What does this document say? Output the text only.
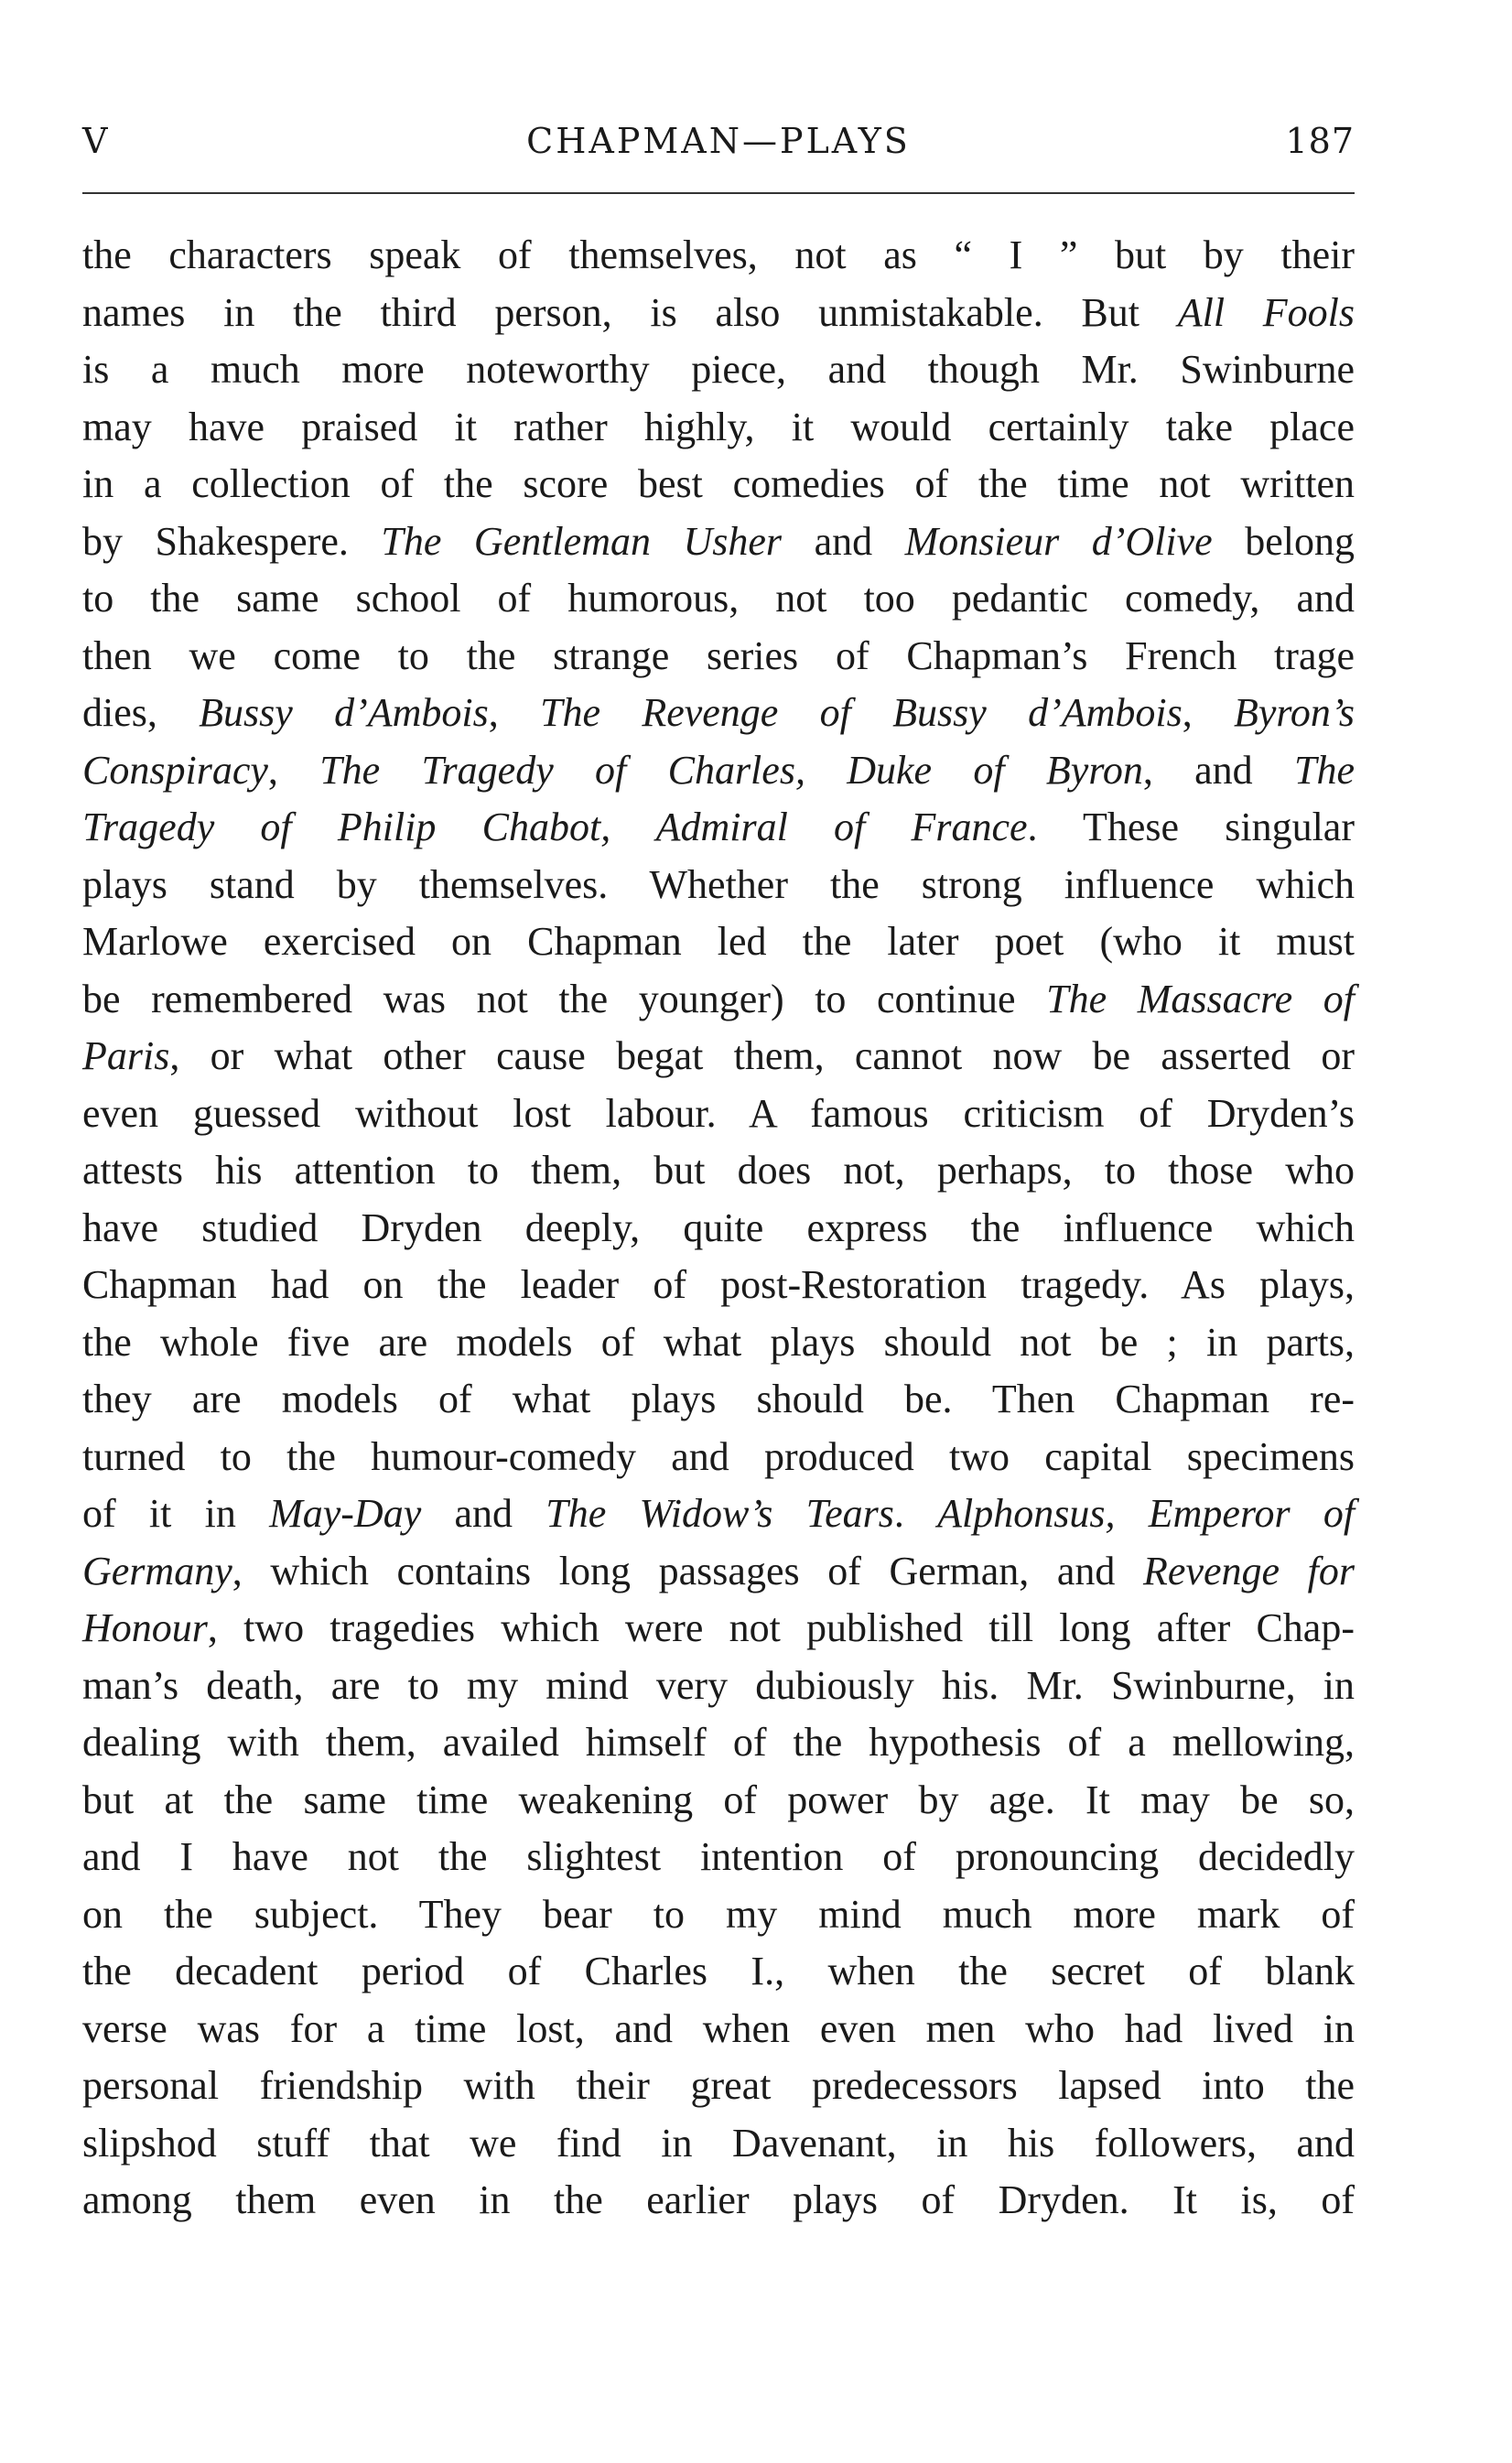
V	CHAPMAN—PLAYS	187
the characters speak of themselves, not as “ I ” but by their
names in the third person, is also unmistakable. But All Fools
is a much more noteworthy piece, and though Mr. Swinburne
may have praised it rather highly, it would certainly take place
in a collection of the score best comedies of the time not written
by Shakespere. The Gentleman Usher and Monsieur d’Olive belong
to the same school of humorous, not too pedantic comedy, and
then we come to the strange series of Chapman’s French trage
dies, Bussy d’Ambois, The Revenge of Bussy d’Ambois, Byron’s
Conspiracy, The Tragedy of Charles, Duke of Byron, and The
Tragedy of Philip Chabot, Admiral of France. These singular
plays stand by themselves. Whether the strong influence which
Marlowe exercised on Chapman led the later poet (who it must
be remembered was not the younger) to continue The Massacre of
Paris, or what other cause begat them, cannot now be asserted or
even guessed without lost labour. A famous criticism of Dryden’s
attests his attention to them, but does not, perhaps, to those who
have studied Dryden deeply, quite express the influence which
Chapman had on the leader of post-Restoration tragedy. As plays,
the whole five are models of what plays should not be ; in parts,
they are models of what plays should be. Then Chapman re-
turned to the humour-comedy and produced two capital specimens
of it in May-Day and The Widow’s Tears. Alphonsus, Emperor of
Germany, which contains long passages of German, and Revenge for
Honour, two tragedies which were not published till long after Chap-
man’s death, are to my mind very dubiously his. Mr. Swinburne, in
dealing with them, availed himself of the hypothesis of a mellowing,
but at the same time weakening of power by age. It may be so,
and I have not the slightest intention of pronouncing decidedly
on the subject. They bear to my mind much more mark of
the decadent period of Charles I., when the secret of blank
verse was for a time lost, and when even men who had lived in
personal friendship with their great predecessors lapsed into the
slipshod stuff that we find in Davenant, in his followers, and
among them even in the earlier plays of Dryden. It is, of
